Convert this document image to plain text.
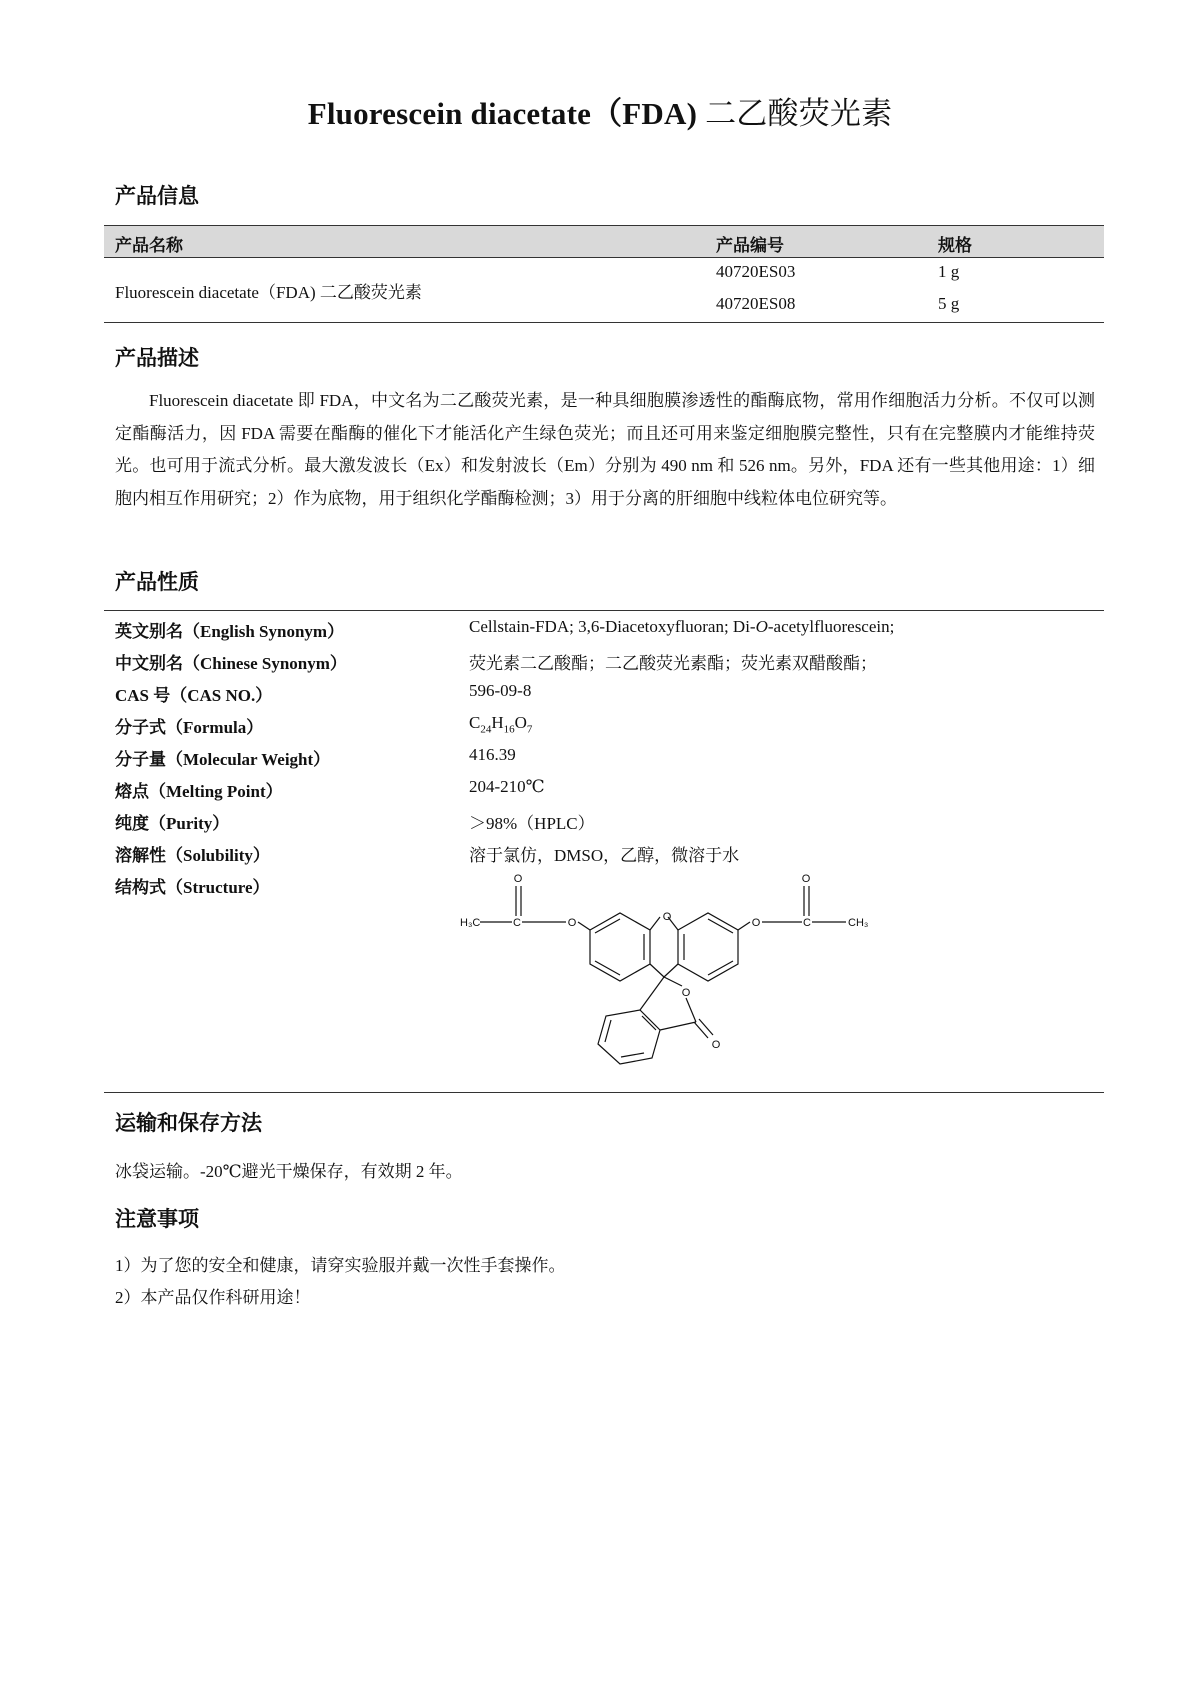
Fluorescein diacetate（FDA) 二乙酸荧光素
产品信息
产品名称	产品编号	规格
Fluorescein diacetate（FDA) 二乙酸荧光素
40720ES03	1 g
40720ES08	5 g
产品描述
Fluorescein diacetate 即 FDA，中文名为二乙酸荧光素，是一种具细胞膜渗透性的酯酶底物，常用作细胞活力分析。不仅可以测定酯酶活力，因 FDA 需要在酯酶的催化下才能活化产生绿色荧光；而且还可用来鉴定细胞膜完整性，只有在完整膜内才能维持荧光。也可用于流式分析。最大激发波长（Ex）和发射波长（Em）分别为 490 nm 和 526 nm。另外，FDA 还有一些其他用途：1）细胞内相互作用研究；2）作为底物，用于组织化学酯酶检测；3）用于分离的肝细胞中线粒体电位研究等。
产品性质
英文别名（English Synonym）	Cellstain-FDA; 3,6-Diacetoxyfluoran; Di-O-acetylfluorescein;
中文别名（Chinese Synonym）	荧光素二乙酸酯；二乙酸荧光素酯；荧光素双醋酸酯；
CAS 号（CAS NO.）	596-09-8
分子式（Formula）	$C_{24}H_{16}O_7$
分子量（Molecular Weight）	416.39
熔点（Melting Point）	204-210℃
纯度（Purity）	＞98%（HPLC）
溶解性（Solubility）	溶于氯仿，DMSO，乙醇，微溶于水
结构式（Structure）
O
O	O
O	O
C	C
H₃C	CH₃
O
O
运输和保存方法
冰袋运输。-20℃避光干燥保存，有效期 2 年。
注意事项
1）为了您的安全和健康，请穿实验服并戴一次性手套操作。
2）本产品仅作科研用途！
